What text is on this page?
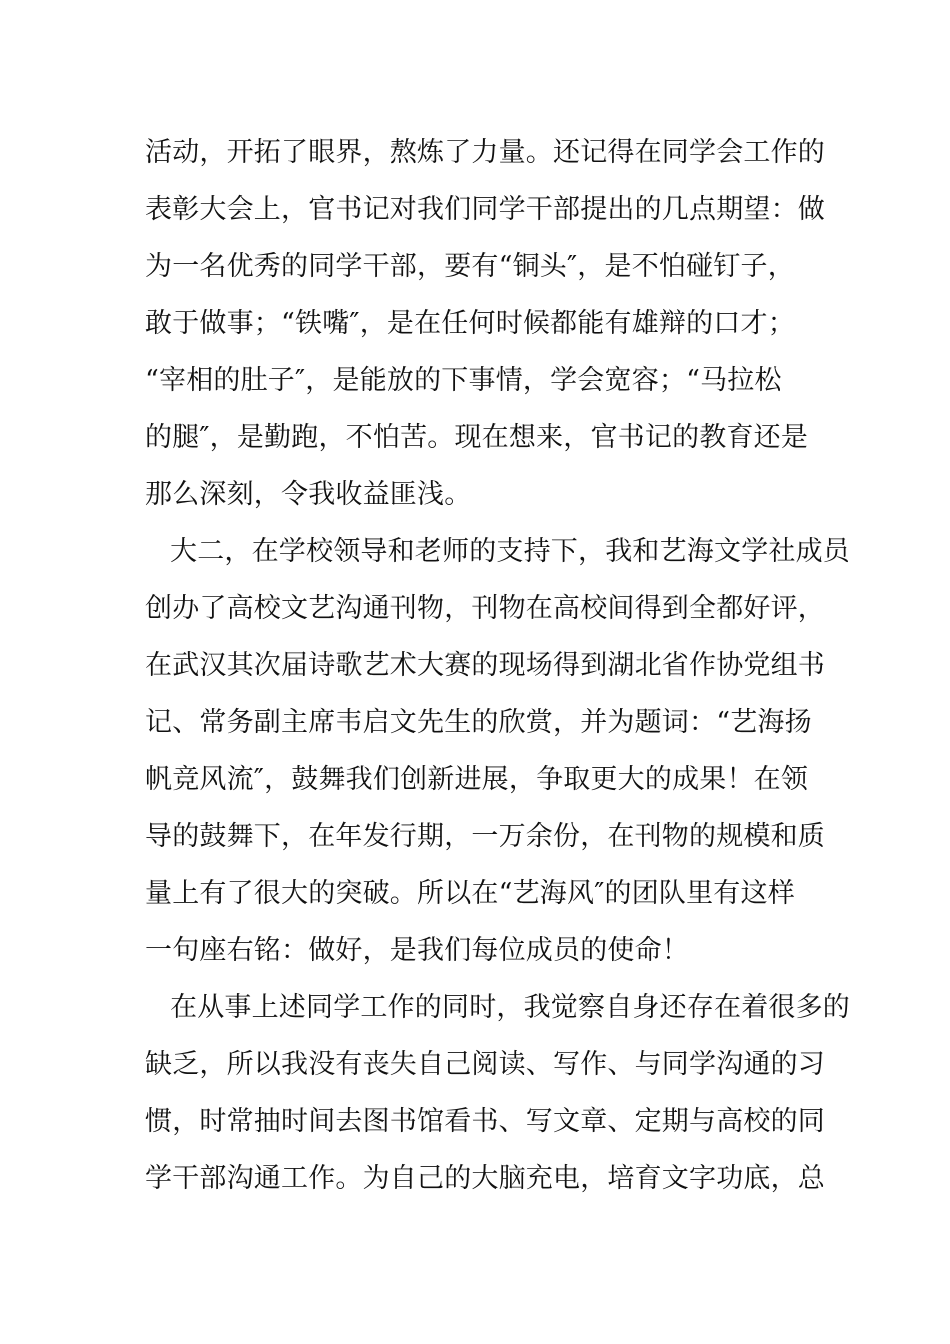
活动，开拓了眼界，熬炼了力量。还记得在同学会工作的
表彰大会上，官书记对我们同学干部提出的几点期望：做
为一名优秀的同学干部，要有“铜头″，是不怕碰钉子，
敢于做事；“铁嘴″，是在任何时候都能有雄辩的口才；
“宰相的肚子″，是能放的下事情，学会宽容；“马拉松
的腿″，是勤跑，不怕苦。现在想来，官书记的教育还是
那么深刻，令我收益匪浅。
大二，在学校领导和老师的支持下，我和艺海文学社成员
创办了高校文艺沟通刊物，刊物在高校间得到全都好评，
在武汉其次届诗歌艺术大赛的现场得到湖北省作协党组书
记、常务副主席韦启文先生的欣赏，并为题词：“艺海扬
帆竞风流″，鼓舞我们创新进展，争取更大的成果！在领
导的鼓舞下，在年发行期，一万余份，在刊物的规模和质
量上有了很大的突破。所以在“艺海风″的团队里有这样
一句座右铭：做好，是我们每位成员的使命！
在从事上述同学工作的同时，我觉察自身还存在着很多的
缺乏，所以我没有丧失自己阅读、写作、与同学沟通的习
惯，时常抽时间去图书馆看书、写文章、定期与高校的同
学干部沟通工作。为自己的大脑充电，培育文字功底，总
